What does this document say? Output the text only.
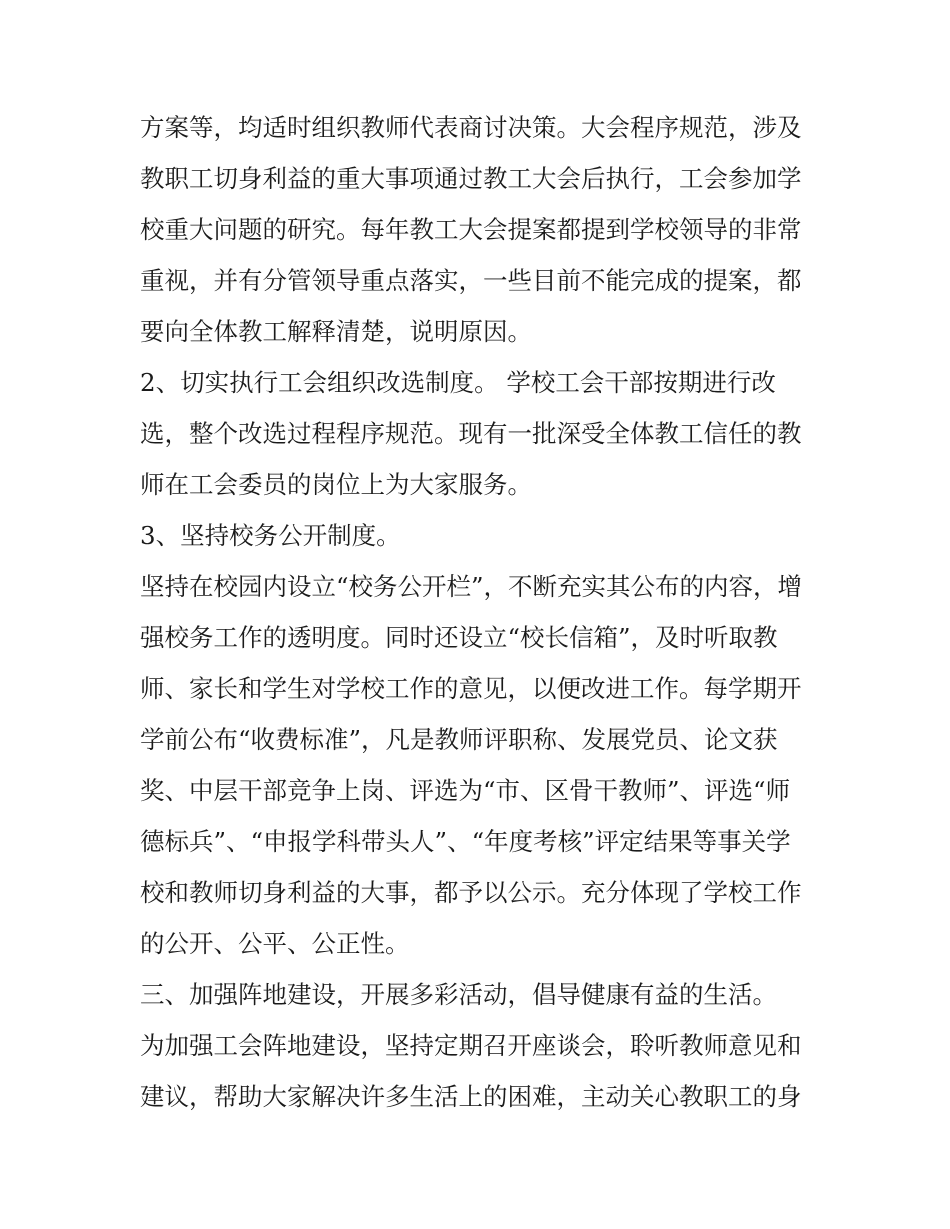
方案等，均适时组织教师代表商讨决策。大会程序规范，涉及
教职工切身利益的重大事项通过教工大会后执行，工会参加学
校重大问题的研究。每年教工大会提案都提到学校领导的非常
重视，并有分管领导重点落实，一些目前不能完成的提案，都
要向全体教工解释清楚，说明原因。
2、切实执行工会组织改选制度。 学校工会干部按期进行改
选，整个改选过程程序规范。现有一批深受全体教工信任的教
师在工会委员的岗位上为大家服务。
3、坚持校务公开制度。
坚持在校园内设立“校务公开栏”，不断充实其公布的内容，增
强校务工作的透明度。同时还设立“校长信箱”，及时听取教
师、家长和学生对学校工作的意见，以便改进工作。每学期开
学前公布“收费标准”，凡是教师评职称、发展党员、论文获
奖、中层干部竞争上岗、评选为“市、区骨干教师”、评选“师
德标兵”、“申报学科带头人”、“年度考核”评定结果等事关学
校和教师切身利益的大事，都予以公示。充分体现了学校工作
的公开、公平、公正性。
三、加强阵地建设，开展多彩活动，倡导健康有益的生活。
为加强工会阵地建设，坚持定期召开座谈会，聆听教师意见和
建议，帮助大家解决许多生活上的困难，主动关心教职工的身
